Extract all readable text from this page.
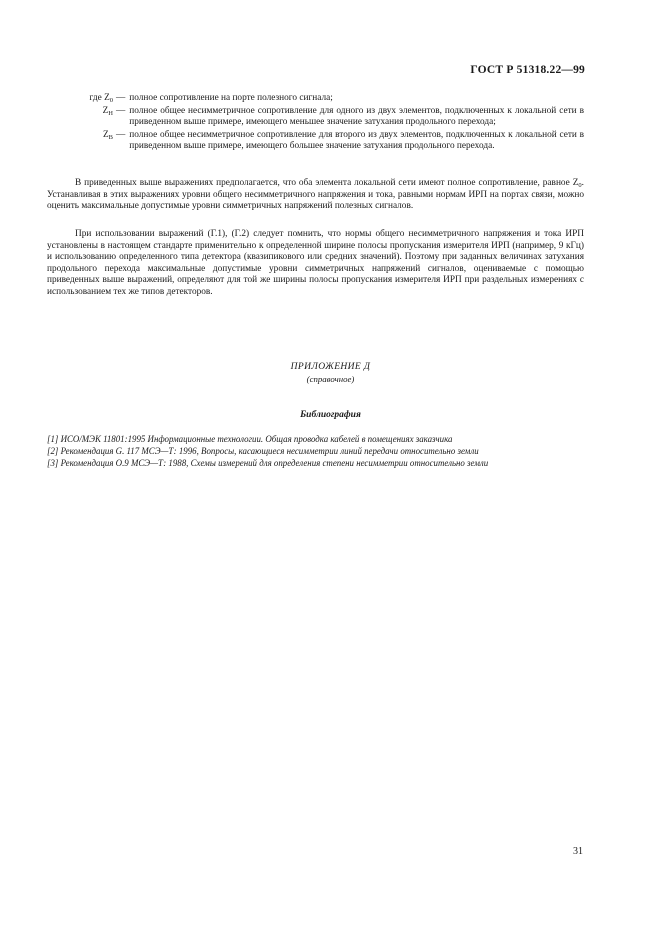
ГОСТ Р 51318.22—99
где $Z_0$ — полное сопротивление на порте полезного сигнала;
$Z_Н$ — полное общее несимметричное сопротивление для одного из двух элементов, подключенных к локальной сети в приведенном выше примере, имеющего меньшее значение затухания продольного перехода;
$Z_В$ — полное общее несимметричное сопротивление для второго из двух элементов, подключенных к локальной сети в приведенном выше примере, имеющего большее значение затухания продольного перехода.
В приведенных выше выражениях предполагается, что оба элемента локальной сети имеют полное сопротивление, равное $Z_0$. Устанавливая в этих выражениях уровни общего несимметричного напряжения и тока, равными нормам ИРП на портах связи, можно оценить максимальные допустимые уровни симметричных напряжений полезных сигналов.
При использовании выражений (Г.1), (Г.2) следует помнить, что нормы общего несимметричного напряжения и тока ИРП установлены в настоящем стандарте применительно к определенной ширине полосы пропускания измерителя ИРП (например, 9 кГц) и использованию определенного типа детектора (квазипикового или средних значений). Поэтому при заданных величинах затухания продольного перехода максимальные допустимые уровни симметричных напряжений сигналов, оцениваемые с помощью приведенных выше выражений, определяют для той же ширины полосы пропускания измерителя ИРП при раздельных измерениях с использованием тех же типов детекторов.
ПРИЛОЖЕНИЕ Д
(справочное)
Библиография
[1] ИСО/МЭК 11801:1995 Информационные технологии. Общая проводка кабелей в помещениях заказчика
[2] Рекомендация G. 117 МСЭ—Т: 1996, Вопросы, касающиеся несимметрии линий передачи относительно земли
[3] Рекомендация О.9 МСЭ—Т: 1988, Схемы измерений для определения степени несимметрии относительно земли
31
